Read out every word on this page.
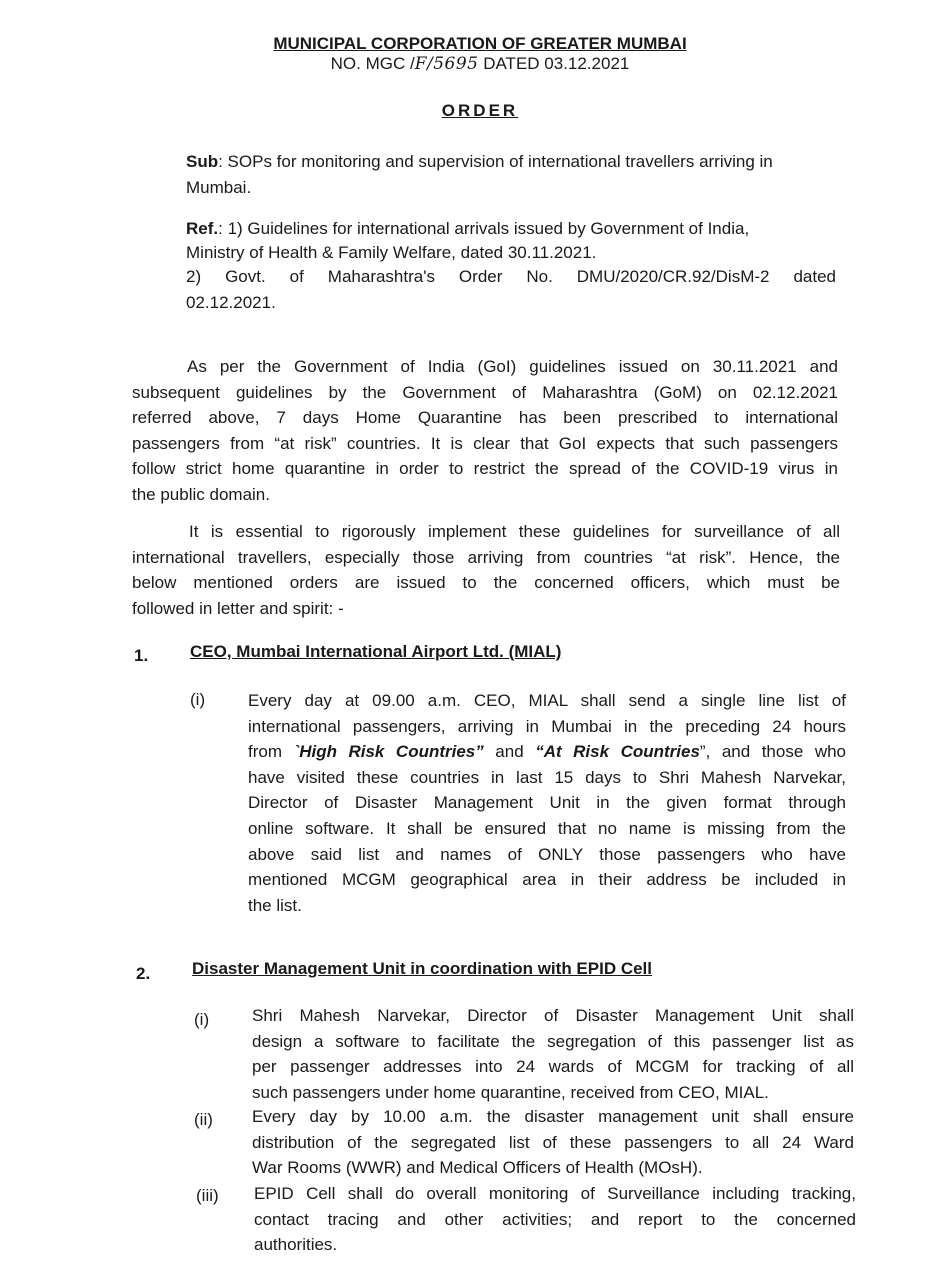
MUNICIPAL CORPORATION OF GREATER MUMBAI
NO. MGC /F/5695 DATED 03.12.2021
ORDER
Sub: SOPs for monitoring and supervision of international travellers arriving in
Mumbai.
Ref.: 1) Guidelines for international arrivals issued by Government of India,
Ministry of Health & Family Welfare, dated 30.11.2021.
2) Govt. of Maharashtra's Order No. DMU/2020/CR.92/DisM-2 dated
02.12.2021.
As per the Government of India (GoI) guidelines issued on 30.11.2021 and
subsequent guidelines by the Government of Maharashtra (GoM) on 02.12.2021
referred above, 7 days Home Quarantine has been prescribed to international
passengers from “at risk” countries. It is clear that GoI expects that such passengers
follow strict home quarantine in order to restrict the spread of the COVID-19 virus in
the public domain.
It is essential to rigorously implement these guidelines for surveillance of all
international travellers, especially those arriving from countries “at risk”. Hence, the
below mentioned orders are issued to the concerned officers, which must be
followed in letter and spirit: -
1. CEO, Mumbai International Airport Ltd. (MIAL)
(i)	Every day at 09.00 a.m. CEO, MIAL shall send a single line list of
international passengers, arriving in Mumbai in the preceding 24 hours
from `High Risk Countries” and “At Risk Countries”, and those who
have visited these countries in last 15 days to Shri Mahesh Narvekar,
Director of Disaster Management Unit in the given format through
online software. It shall be ensured that no name is missing from the
above said list and names of ONLY those passengers who have
mentioned MCGM geographical area in their address be included in
the list.
2. Disaster Management Unit in coordination with EPID Cell
(i)	Shri Mahesh Narvekar, Director of Disaster Management Unit shall
design a software to facilitate the segregation of this passenger list as
per passenger addresses into 24 wards of MCGM for tracking of all
such passengers under home quarantine, received from CEO, MIAL.
(ii) Every day by 10.00 a.m. the disaster management unit shall ensure
distribution of the segregated list of these passengers to all 24 Ward
War Rooms (WWR) and Medical Officers of Health (MOsH).
(iii) EPID Cell shall do overall monitoring of Surveillance including tracking,
contact tracing and other activities; and report to the concerned
authorities.
